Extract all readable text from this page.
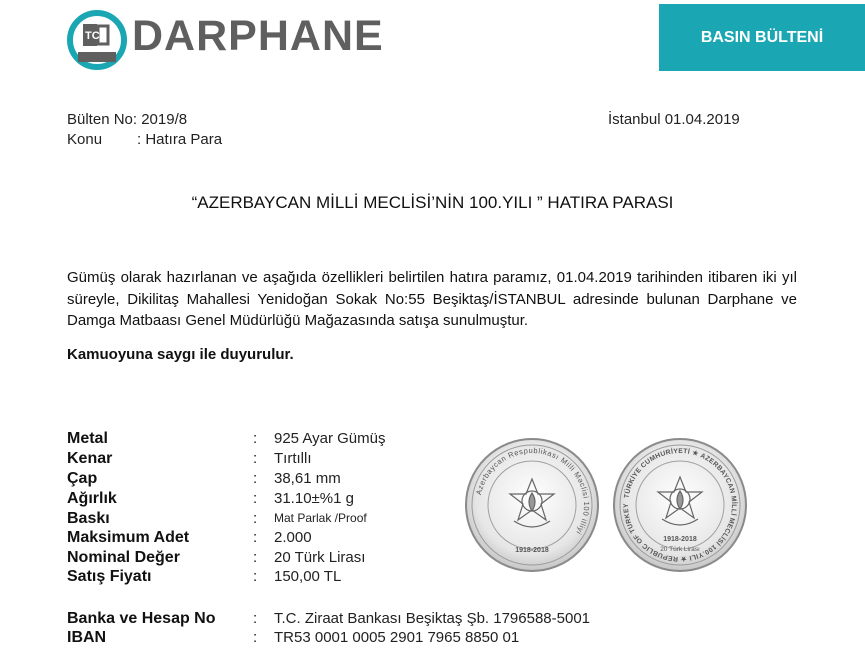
TC DARPHANE	BASIN BÜLTENİ
Bülten No: 2019/8
Konu : Hatıra Para
İstanbul 01.04.2019
“AZERBAYCAN MİLLİ MECLİSİ’NİN 100.YILI ” HATIRA PARASI
Gümüş olarak hazırlanan ve aşağıda özellikleri belirtilen hatıra paramız, 01.04.2019 tarihinden itibaren iki yıl süreyle, Dikilitaş Mahallesi Yenidoğan Sokak No:55 Beşiktaş/İSTANBUL adresinde bulunan Darphane ve Damga Matbaası Genel Müdürlüğü Mağazasında satışa sunulmuştur.
Kamuoyuna saygı ile duyurulur.
Metal	: 925 Ayar Gümüş
Kenar	: Tırtıllı
Çap	: 38,61 mm
Ağırlık	: 31.10±%1 g
Baskı	: Mat Parlak /Proof
Maksimum Adet	: 2.000
Nominal Değer	: 20 Türk Lirası
Satış Fiyatı	: 150,00 TL
Banka ve Hesap No : T.C. Ziraat Bankası Beşiktaş Şb. 1796588-5001
IBAN	: TR53 0001 0005 2901 7965 8850 01
Azerbaycan Respublikası Milli Məclisi 100 illiyi
1918-2018
TÜRKİYE CUMHURİYETİ ★ AZERBAYCAN MİLLİ MECLİSİ 100.YILI ★ REPUBLIC OF TURKEY
1918-2018
20 Türk Lirası
